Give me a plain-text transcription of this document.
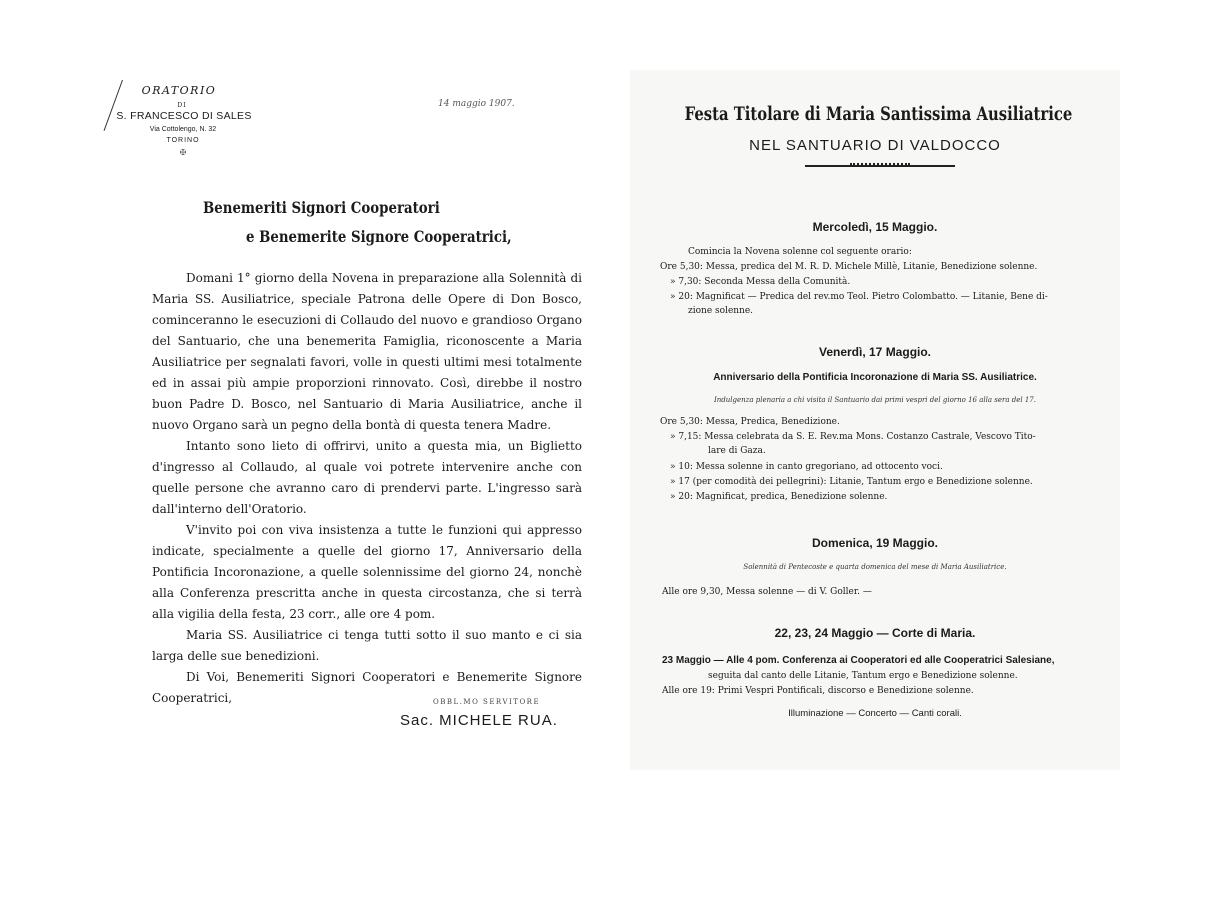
ORATORIO
DI
S. FRANCESCO DI SALES
Via Cottolengo, N. 32
TORINO
✠
14 maggio 1907.
Benemeriti Signori Cooperatori
e Benemerite Signore Cooperatrici,

Domani 1° giorno della Novena in preparazione alla Solennità di Maria SS. Ausiliatrice, speciale Patrona delle Opere di Don Bosco, cominceranno le esecuzioni di Collaudo del nuovo e grandioso Organo del Santuario, che una benemerita Famiglia, riconoscente a Maria Ausiliatrice per segnalati favori, volle in questi ultimi mesi totalmente ed in assai più ampie proporzioni rinnovato. Così, direbbe il nostro buon Padre D. Bosco, nel Santuario di Maria Ausiliatrice, anche il nuovo Organo sarà un pegno della bontà di questa tenera Madre.

Intanto sono lieto di offrirvi, unito a questa mia, un Biglietto d'ingresso al Collaudo, al quale voi potrete intervenire anche con quelle persone che avranno caro di prendervi parte. L'ingresso sarà dall'interno dell'Oratorio.

V'invito poi con viva insistenza a tutte le funzioni qui appresso indicate, specialmente a quelle del giorno 17, Anniversario della Pontificia Incoronazione, a quelle solennissime del giorno 24, nonchè alla Conferenza prescritta anche in questa circostanza, che si terrà alla vigilia della festa, 23 corr., alle ore 4 pom.

Maria SS. Ausiliatrice ci tenga tutti sotto il suo manto e ci sia larga delle sue benedizioni.

Di Voi, Benemeriti Signori Cooperatori e Benemerite Signore Cooperatrici,	OBBL.MO SERVITORE
Sac. MICHELE RUA.
Festa Titolare di Maria Santissima Ausiliatrice
NEL SANTUARIO DI VALDOCCO
Mercoledì, 15 Maggio.
Comincia la Novena solenne col seguente orario:
Ore 5,30: Messa, predica del M. R. D. Michele Millè, Litanie, Benedizione solenne.
» 7,30: Seconda Messa della Comunità.
» 20: Magnificat — Predica del rev.mo Teol. Pietro Colombatto. — Litanie, Bene di-
zione solenne.
Venerdì, 17 Maggio.
Anniversario della Pontificia Incoronazione di Maria SS. Ausiliatrice.
Indulgenza plenaria a chi visita il Santuario dai primi vespri del giorno 16 alla sera del 17.
Ore 5,30: Messa, Predica, Benedizione.
» 7,15: Messa celebrata da S. E. Rev.ma Mons. Costanzo Castrale, Vescovo Tito-
lare di Gaza.
» 10: Messa solenne in canto gregoriano, ad ottocento voci.
» 17 (per comodità dei pellegrini): Litanie, Tantum ergo e Benedizione solenne.
» 20: Magnificat, predica, Benedizione solenne.
Domenica, 19 Maggio.
Solennità di Pentecoste e quarta domenica del mese di Maria Ausiliatrice.
Alle ore 9,30, Messa solenne — di V. Goller. —
22, 23, 24 Maggio — Corte di Maria.
23 Maggio — Alle 4 pom. Conferenza ai Cooperatori ed alle Cooperatrici Salesiane,
seguita dal canto delle Litanie, Tantum ergo e Benedizione solenne.
Alle ore 19: Primi Vespri Pontificali, discorso e Benedizione solenne.
Illuminazione — Concerto — Canti corali.
